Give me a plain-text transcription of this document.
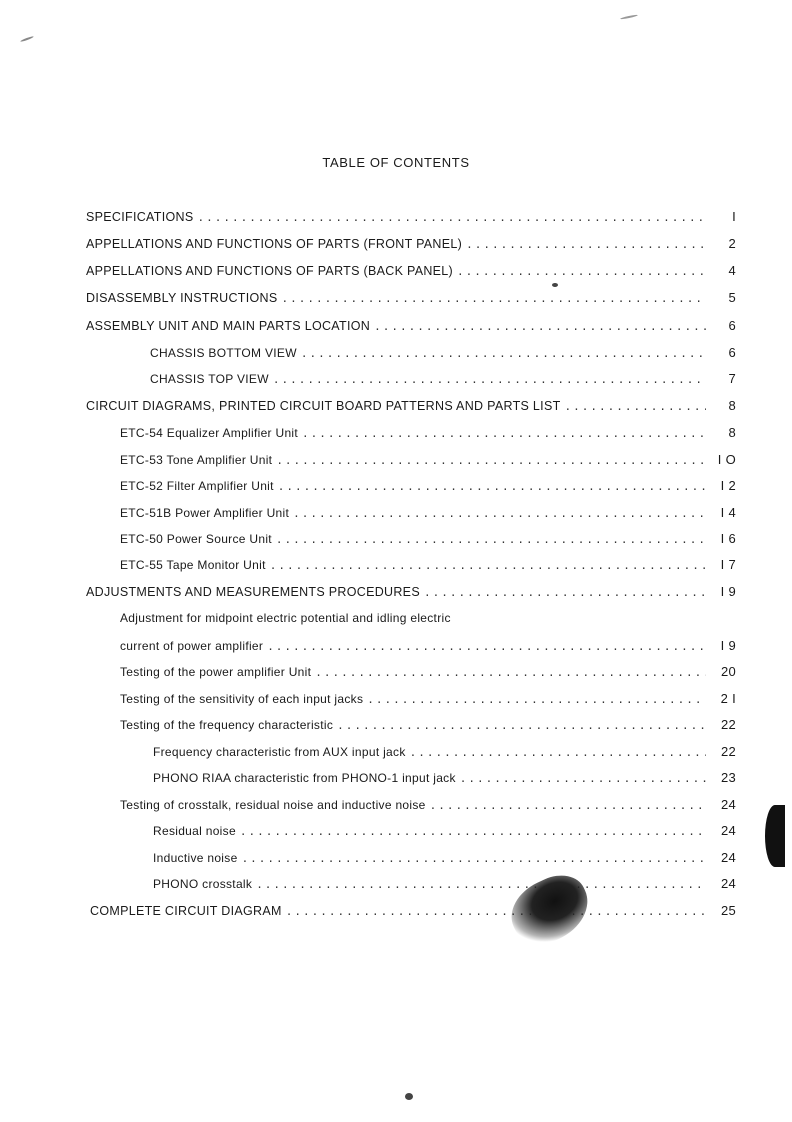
TABLE OF CONTENTS
SPECIFICATIONS .....	I
APPELLATIONS AND FUNCTIONS OF PARTS (FRONT PANEL) .....	2
APPELLATIONS AND FUNCTIONS OF PARTS (BACK PANEL) .....	4
DISASSEMBLY INSTRUCTIONS .....	5
ASSEMBLY UNIT AND MAIN PARTS LOCATION .....	6
CHASSIS BOTTOM VIEW .....	6
CHASSIS TOP VIEW .....	7
CIRCUIT DIAGRAMS, PRINTED CIRCUIT BOARD PATTERNS AND PARTS LIST .....	8
ETC-54 Equalizer Amplifier Unit .....	8
ETC-53 Tone Amplifier Unit .....	I O
ETC-52 Filter Amplifier Unit .....	I 2
ETC-51B Power Amplifier Unit .....	I 4
ETC-50 Power Source Unit .....	I 6
ETC-55 Tape Monitor Unit .....	I 7
ADJUSTMENTS AND MEASUREMENTS PROCEDURES .....	I 9
Adjustment for midpoint electric potential and idling electric
current of power amplifier .....	I 9
Testing of the power amplifier Unit .....	20
Testing of the sensitivity of each input jacks .....	2 I
Testing of the frequency characteristic .....	22
Frequency characteristic from AUX input jack .....	22
PHONO RIAA characteristic from PHONO-1 input jack .....	23
Testing of crosstalk, residual noise and inductive noise .....	24
Residual noise .....	24
Inductive noise .....	24
PHONO crosstalk .....	24
COMPLETE CIRCUIT DIAGRAM .....	25
